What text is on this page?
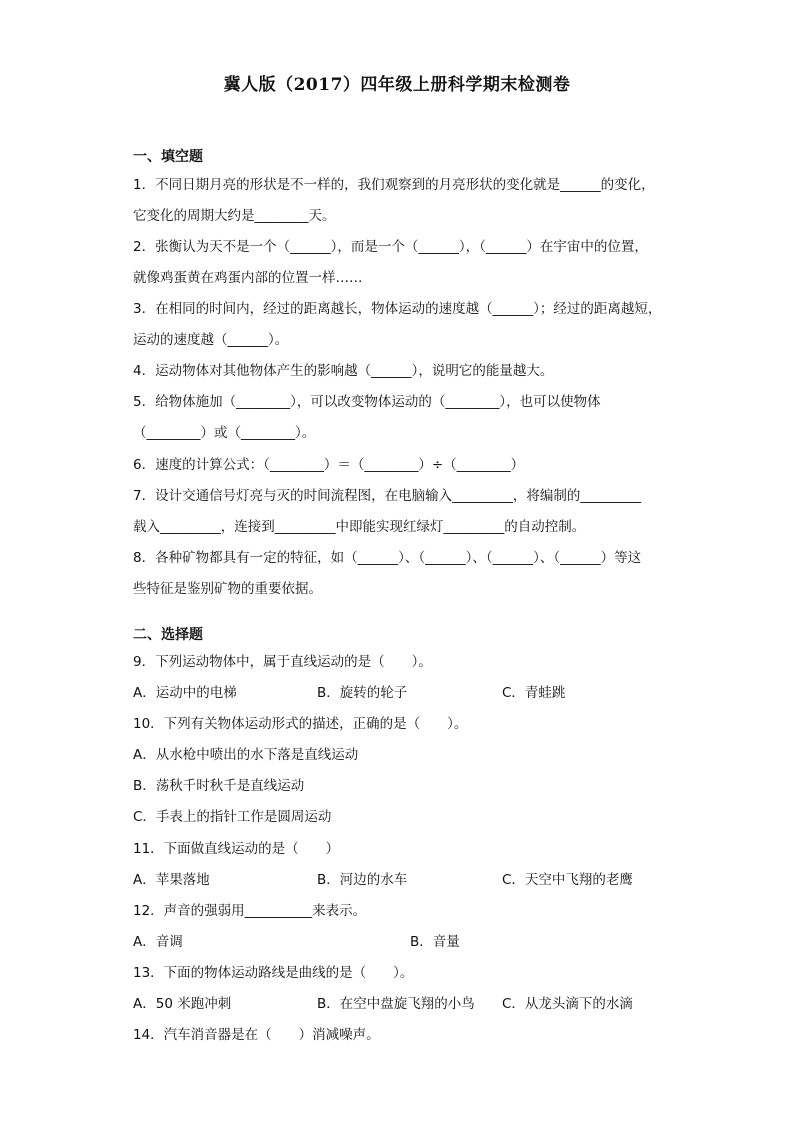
冀人版（2017）四年级上册科学期末检测卷
一、填空题
1．不同日期月亮的形状是不一样的，我们观察到的月亮形状的变化就是______的变化，
它变化的周期大约是________天。
2．张衡认为天不是一个（______），而是一个（______），（______）在宇宙中的位置，
就像鸡蛋黄在鸡蛋内部的位置一样……
3．在相同的时间内，经过的距离越长，物体运动的速度越（______）；经过的距离越短，
运动的速度越（______）。
4．运动物体对其他物体产生的影响越（______），说明它的能量越大。
5．给物体施加（________），可以改变物体运动的（________），也可以使物体
（________）或（________）。
6．速度的计算公式：（________）＝（________）÷（________）
7．设计交通信号灯亮与灭的时间流程图，在电脑输入_________，将编制的_________
载入_________，连接到_________中即能实现红绿灯_________的自动控制。
8．各种矿物都具有一定的特征，如（______）、（______）、（______）、（______）等这
些特征是鉴别矿物的重要依据。
二、选择题
9．下列运动物体中，属于直线运动的是（　　）。
A．运动中的电梯	B．旋转的轮子	C．青蛙跳
10．下列有关物体运动形式的描述，正确的是（　　）。
A．从水枪中喷出的水下落是直线运动
B．荡秋千时秋千是直线运动
C．手表上的指针工作是圆周运动
11．下面做直线运动的是（　　）
A．苹果落地	B．河边的水车	C．天空中飞翔的老鹰
12．声音的强弱用__________来表示。
A．音调	B．音量
13．下面的物体运动路线是曲线的是（　　）。
A．50 米跑冲刺	B．在空中盘旋飞翔的小鸟 C．从龙头滴下的水滴
14．汽车消音器是在（　　）消减噪声。
